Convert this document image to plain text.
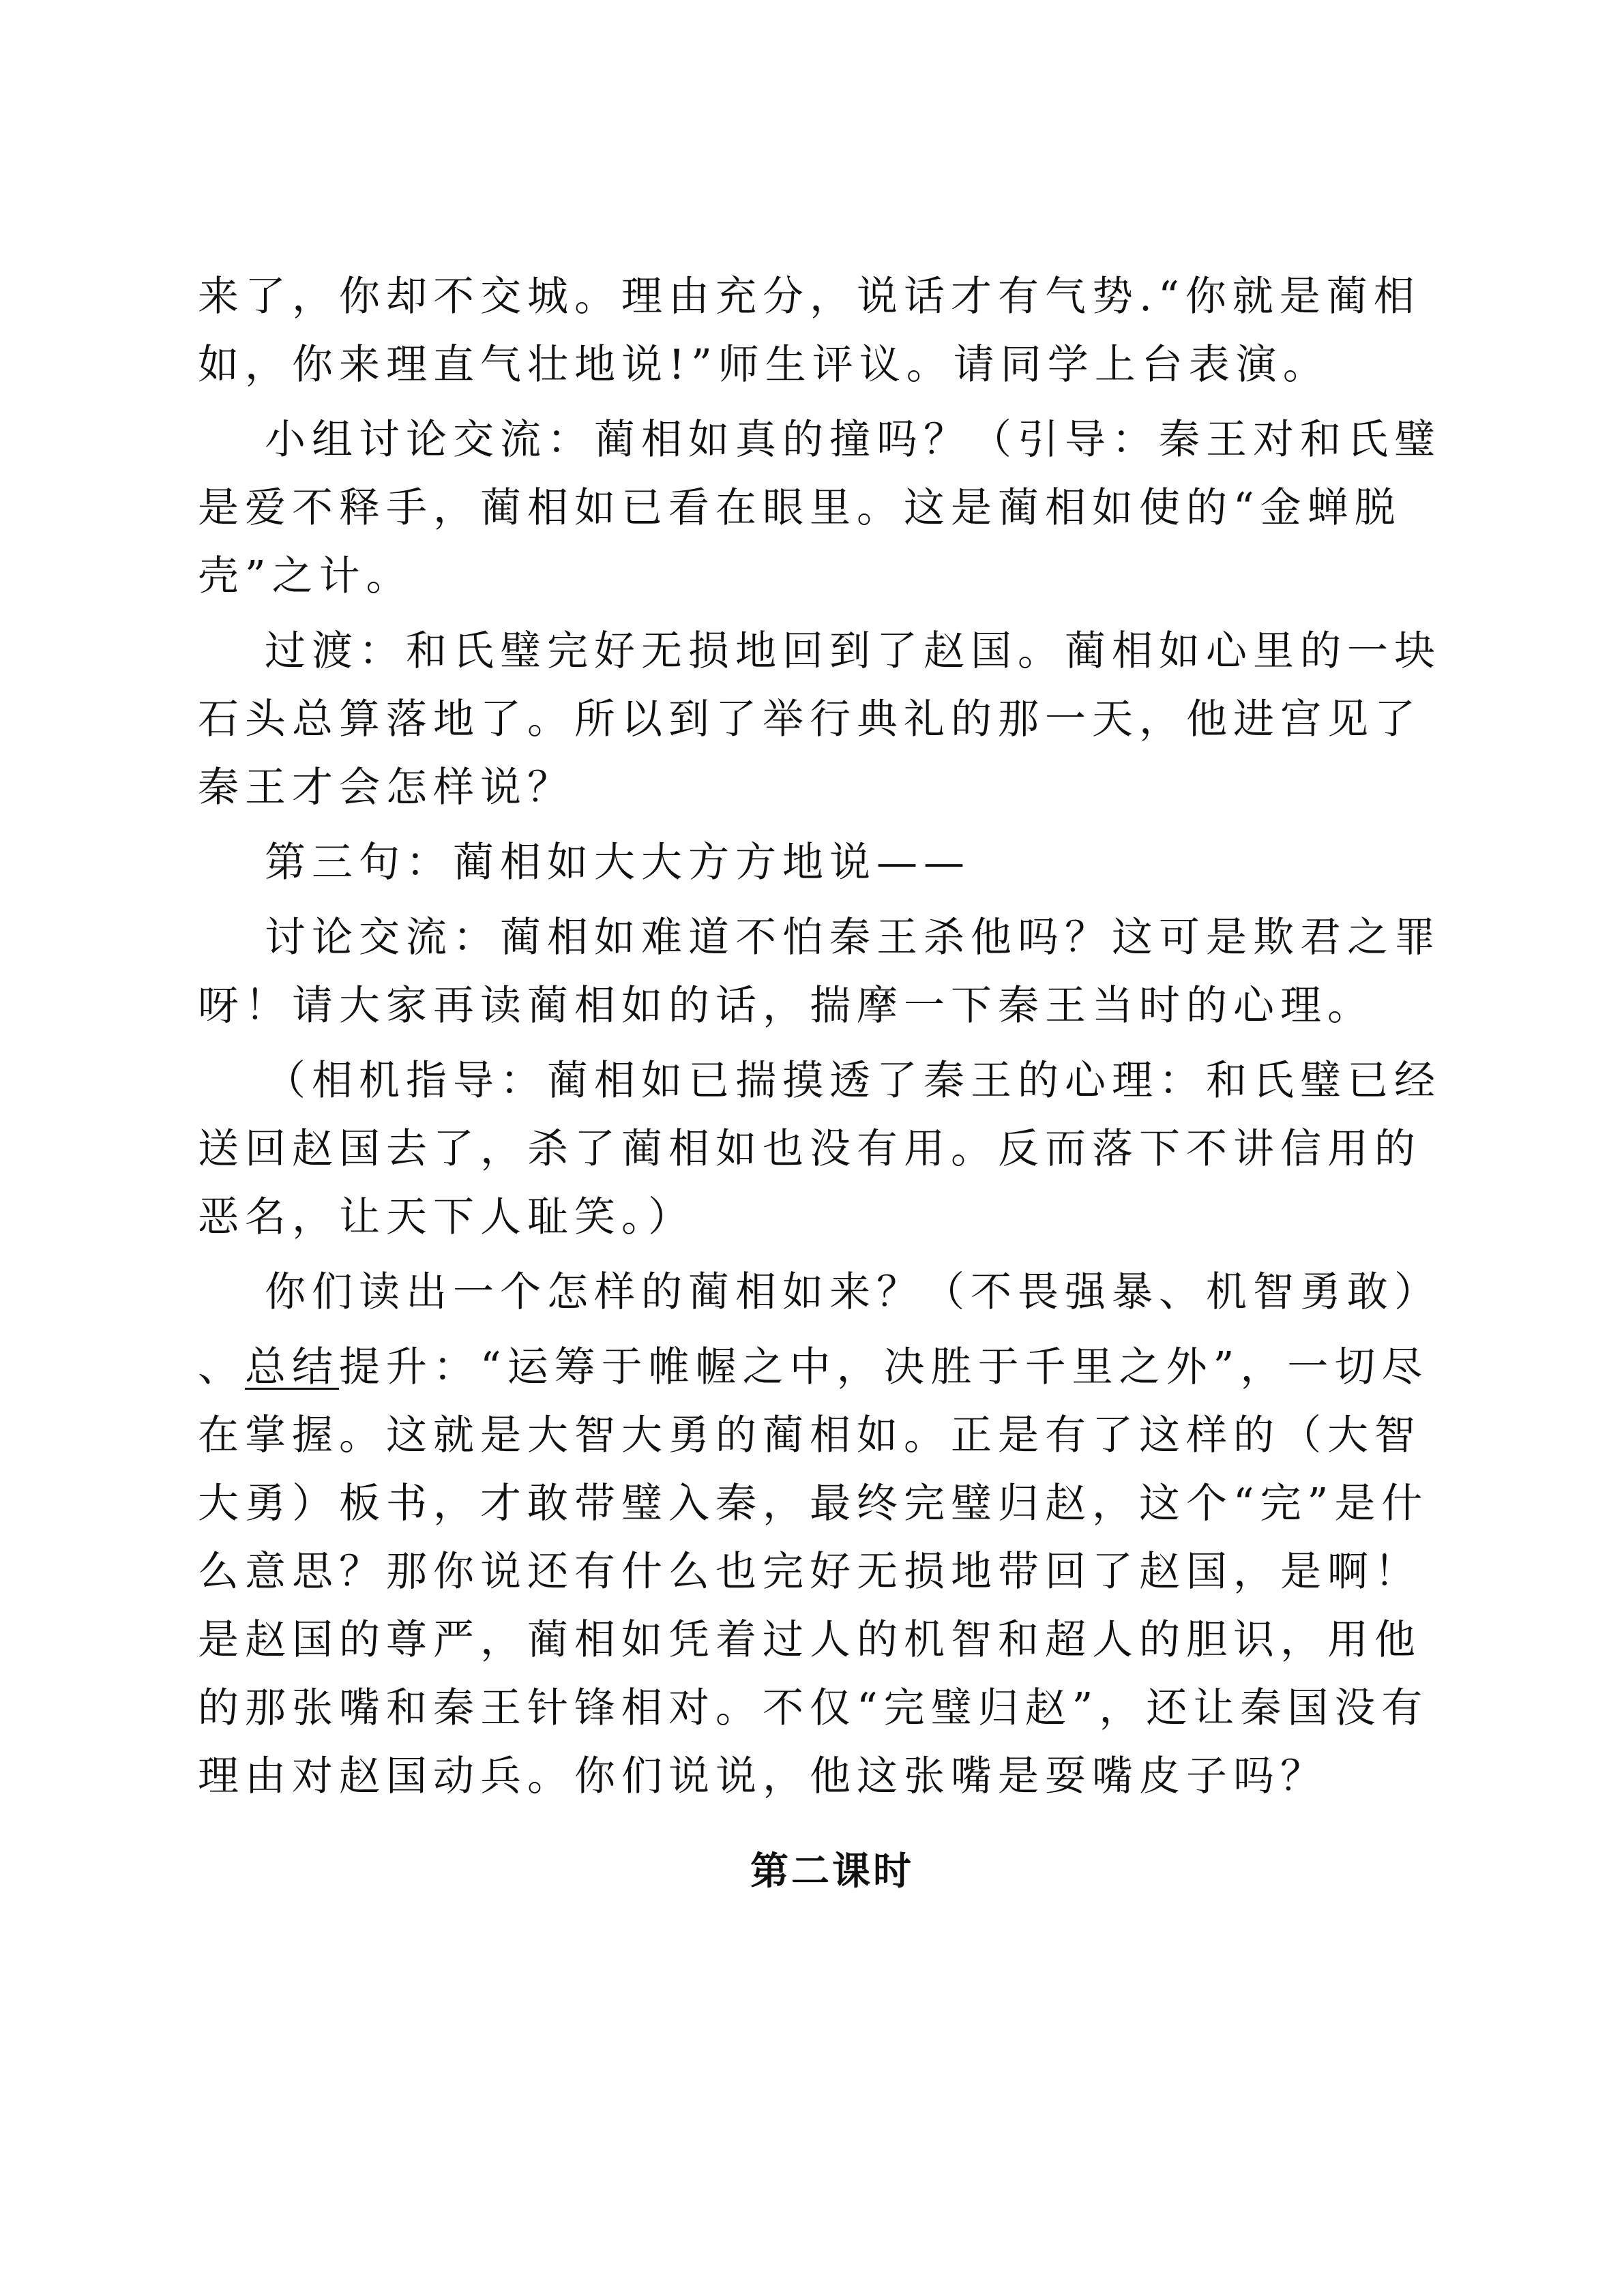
来了，你却不交城。理由充分，说话才有气势.“你就是蔺相如，你来理直气壮地说!”师生评议。请同学上台表演。

小组讨论交流：蔺相如真的撞吗？（引导：秦王对和氏璧是爱不释手，蔺相如已看在眼里。这是蔺相如使的“金蝉脱壳”之计。

过渡：和氏璧完好无损地回到了赵国。蔺相如心里的一块石头总算落地了。所以到了举行典礼的那一天，他进宫见了秦王才会怎样说？

第三句：蔺相如大大方方地说——

讨论交流：蔺相如难道不怕秦王杀他吗？这可是欺君之罪呀！请大家再读蔺相如的话，揣摩一下秦王当时的心理。

（相机指导：蔺相如已揣摸透了秦王的心理：和氏璧已经送回赵国去了，杀了蔺相如也没有用。反而落下不讲信用的恶名，让天下人耻笑。）

你们读出一个怎样的蔺相如来？（不畏强暴、机智勇敢）

、总结提升：“运筹于帷幄之中，决胜于千里之外”，一切尽在掌握。这就是大智大勇的蔺相如。正是有了这样的（大智大勇）板书，才敢带璧入秦，最终完璧归赵，这个“完”是什么意思？那你说还有什么也完好无损地带回了赵国，是啊！是赵国的尊严，蔺相如凭着过人的机智和超人的胆识，用他的那张嘴和秦王针锋相对。不仅“完璧归赵”，还让秦国没有理由对赵国动兵。你们说说，他这张嘴是耍嘴皮子吗？

第二课时
